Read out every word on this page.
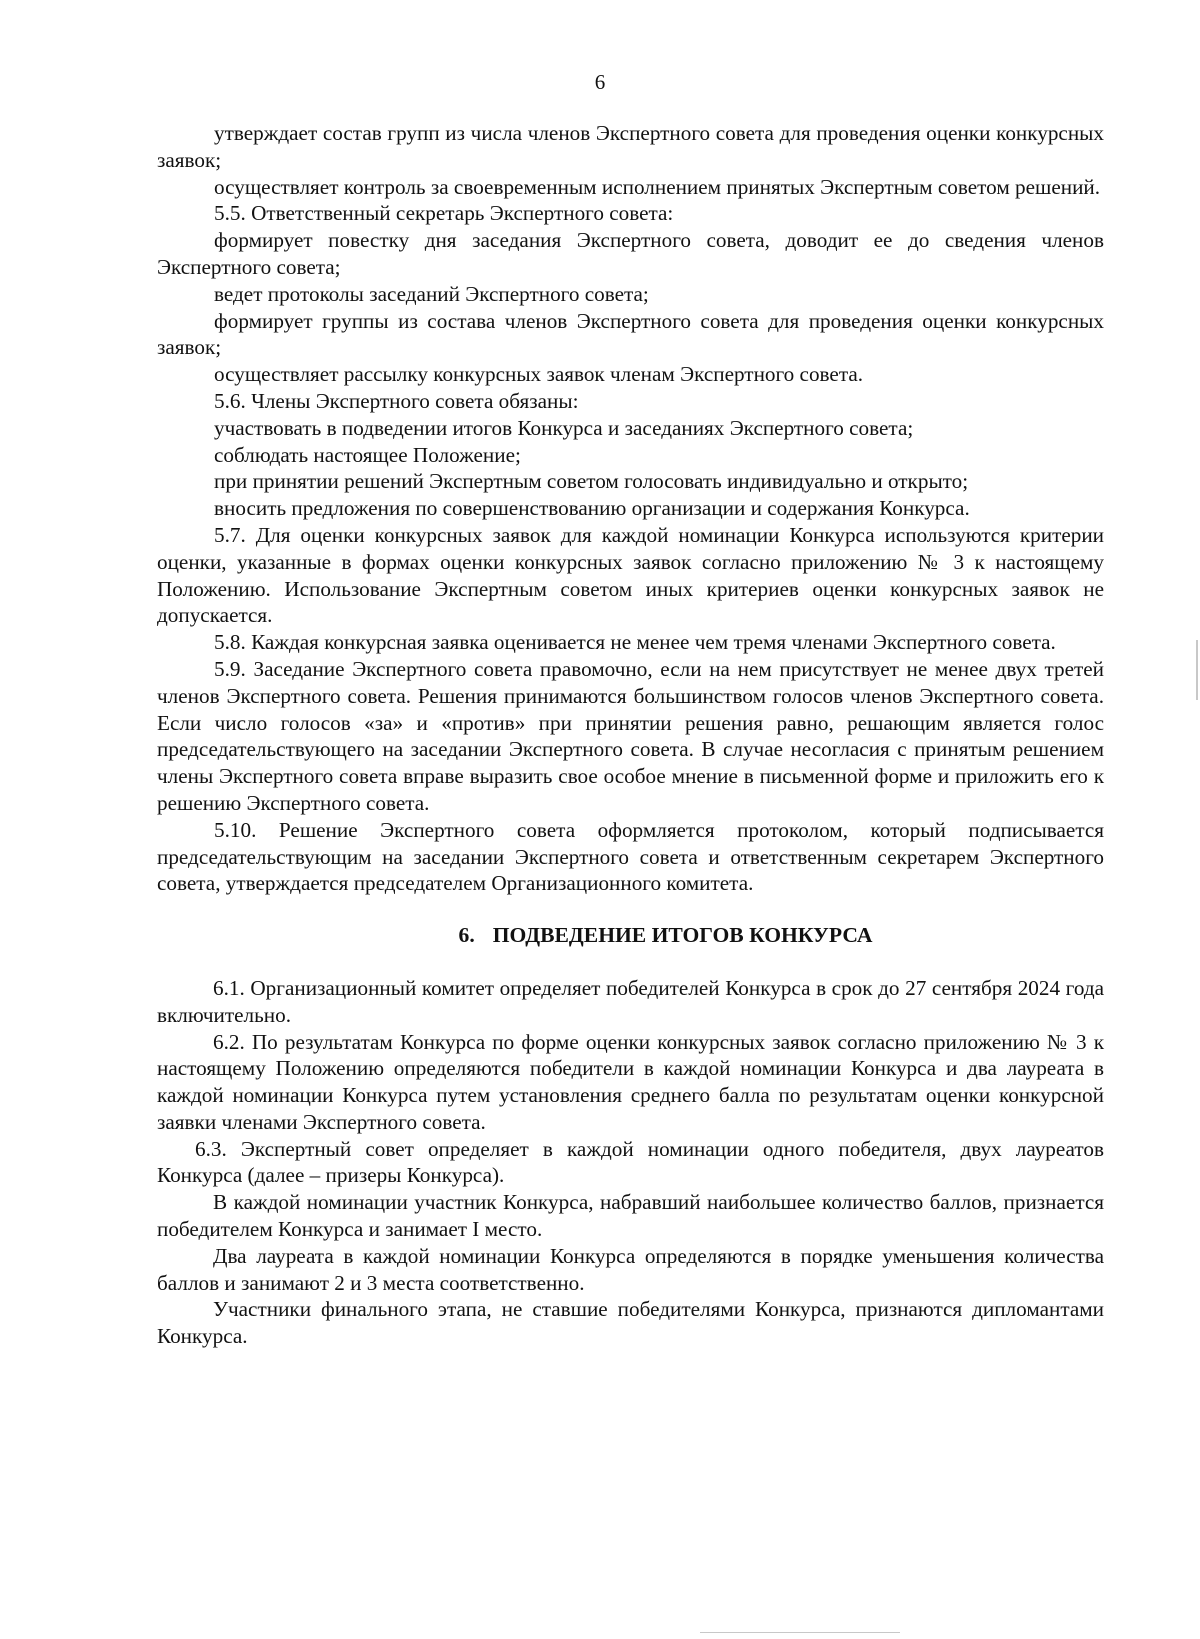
6

утверждает состав групп из числа членов Экспертного совета для проведения оценки конкурсных заявок;

осуществляет контроль за своевременным исполнением принятых Экспертным советом решений.

5.5. Ответственный секретарь Экспертного совета:

формирует повестку дня заседания Экспертного совета, доводит ее до сведения членов Экспертного совета;

ведет протоколы заседаний Экспертного совета;

формирует группы из состава членов Экспертного совета для проведения оценки конкурсных заявок;

осуществляет рассылку конкурсных заявок членам Экспертного совета.

5.6. Члены Экспертного совета обязаны:

участвовать в подведении итогов Конкурса и заседаниях Экспертного совета;

соблюдать настоящее Положение;

при принятии решений Экспертным советом голосовать индивидуально и открыто;

вносить предложения по совершенствованию организации и содержания Конкурса.

5.7. Для оценки конкурсных заявок для каждой номинации Конкурса используются критерии оценки, указанные в формах оценки конкурсных заявок согласно приложению № 3 к настоящему Положению. Использование Экспертным советом иных критериев оценки конкурсных заявок не допускается.

5.8. Каждая конкурсная заявка оценивается не менее чем тремя членами Экспертного совета.

5.9. Заседание Экспертного совета правомочно, если на нем присутствует не менее двух третей членов Экспертного совета. Решения принимаются большинством голосов членов Экспертного совета. Если число голосов «за» и «против» при принятии решения равно, решающим является голос председательствующего на заседании Экспертного совета. В случае несогласия с принятым решением члены Экспертного совета вправе выразить свое особое мнение в письменной форме и приложить его к решению Экспертного совета.

5.10. Решение Экспертного совета оформляется протоколом, который подписывается председательствующим на заседании Экспертного совета и ответственным секретарем Экспертного совета, утверждается председателем Организационного комитета.

6. ПОДВЕДЕНИЕ ИТОГОВ КОНКУРСА

6.1. Организационный комитет определяет победителей Конкурса в срок до 27 сентября 2024 года включительно.

6.2. По результатам Конкурса по форме оценки конкурсных заявок согласно приложению № 3 к настоящему Положению определяются победители в каждой номинации Конкурса и два лауреата в каждой номинации Конкурса путем установления среднего балла по результатам оценки конкурсной заявки членами Экспертного совета.

6.3. Экспертный совет определяет в каждой номинации одного победителя, двух лауреатов Конкурса (далее – призеры Конкурса).

В каждой номинации участник Конкурса, набравший наибольшее количество баллов, признается победителем Конкурса и занимает I место.

Два лауреата в каждой номинации Конкурса определяются в порядке уменьшения количества баллов и занимают 2 и 3 места соответственно.

Участники финального этапа, не ставшие победителями Конкурса, признаются дипломантами Конкурса.
